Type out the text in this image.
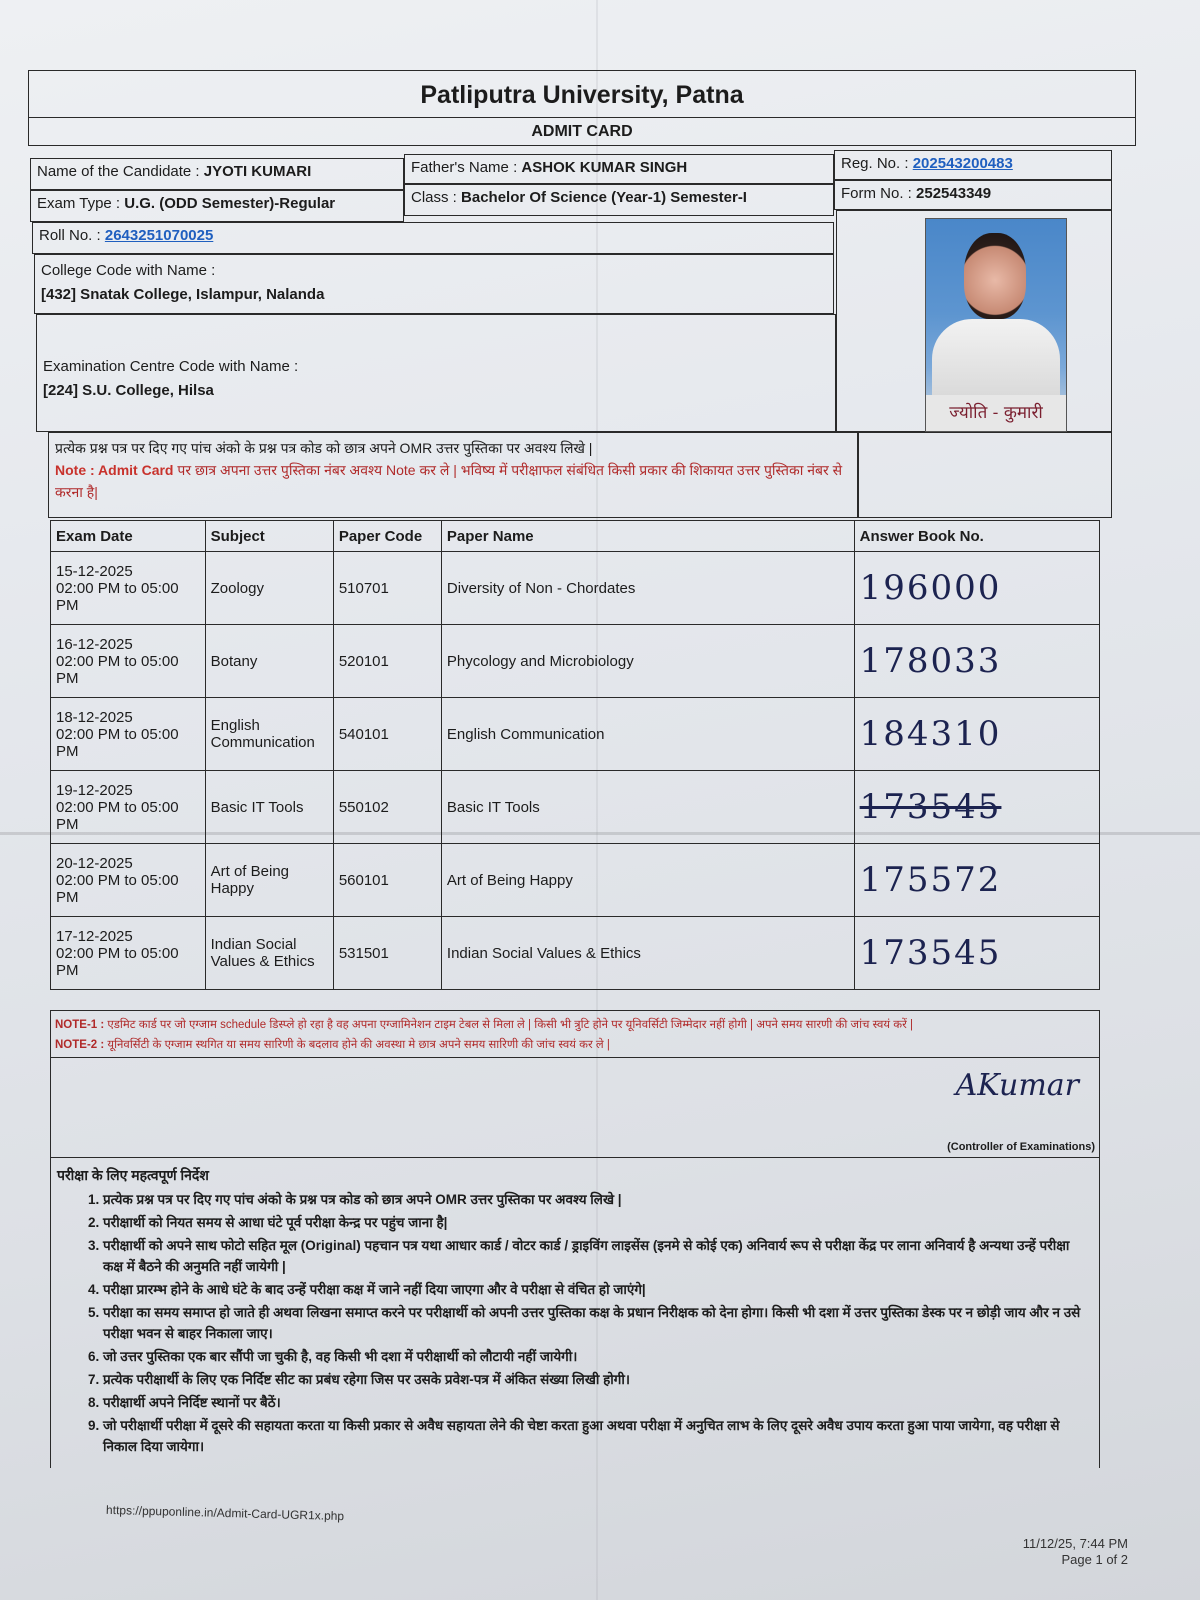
Patliputra University, Patna
ADMIT CARD
Name of the Candidate : JYOTI KUMARI	Father's Name : ASHOK KUMAR SINGH	Reg. No. : 202543200483
Exam Type : U.G. (ODD Semester)-Regular	Class : Bachelor Of Science (Year-1) Semester-I	Form No. : 252543349
Roll No. : 2643251070025
College Code with Name :
[432] Snatak College, Islampur, Nalanda
Examination Centre Code with Name :
[224] S.U. College, Hilsa
ज्योति - कुमारी
प्रत्येक प्रश्न पत्र पर दिए गए पांच अंको के प्रश्न पत्र कोड को छात्र अपने OMR उत्तर पुस्तिका पर अवश्य लिखे |
Note : Admit Card पर छात्र अपना उत्तर पुस्तिका नंबर अवश्य Note कर ले | भविष्य में परीक्षाफल संबंधित किसी प्रकार की शिकायत उत्तर पुस्तिका नंबर से करना है|
Exam Date	Subject	Paper Code	Paper Name	Answer Book No.

15-12-2025
02:00 PM to 05:00 PM	Zoology	510701	Diversity of Non - Chordates	196000

16-12-2025
02:00 PM to 05:00 PM	Botany	520101	Phycology and Microbiology	178033

18-12-2025
02:00 PM to 05:00 PM	English Communication	540101	English Communication	184310

19-12-2025
02:00 PM to 05:00 PM	Basic IT Tools	550102	Basic IT Tools	173545

20-12-2025
02:00 PM to 05:00 PM	Art of Being Happy	560101	Art of Being Happy	175572

17-12-2025
02:00 PM to 05:00 PM	Indian Social Values & Ethics	531501	Indian Social Values & Ethics	173545
NOTE-1 : एडमिट कार्ड पर जो एग्जाम schedule डिस्प्ले हो रहा है वह अपना एग्जामिनेशन टाइम टेबल से मिला ले | किसी भी त्रुटि होने पर यूनिवर्सिटी जिम्मेदार नहीं होगी | अपने समय सारणी की जांच स्वयं करें |
NOTE-2 : यूनिवर्सिटी के एग्जाम स्थगित या समय सारिणी के बदलाव होने की अवस्था मे छात्र अपने समय सारिणी की जांच स्वयं कर ले |
AKumar
(Controller of Examinations)
परीक्षा के लिए महत्वपूर्ण निर्देश
1. प्रत्येक प्रश्न पत्र पर दिए गए पांच अंको के प्रश्न पत्र कोड को छात्र अपने OMR उत्तर पुस्तिका पर अवश्य लिखे |
2. परीक्षार्थी को नियत समय से आधा घंटे पूर्व परीक्षा केन्द्र पर पहुंच जाना है|
3. परीक्षार्थी को अपने साथ फोटो सहित मूल (Original) पहचान पत्र यथा आधार कार्ड / वोटर कार्ड / ड्राइविंग लाइसेंस (इनमे से कोई एक) अनिवार्य रूप से परीक्षा केंद्र पर लाना अनिवार्य है अन्यथा उन्हें परीक्षा कक्ष में बैठने की अनुमति नहीं जायेगी |
4. परीक्षा प्रारम्भ होने के आधे घंटे के बाद उन्हें परीक्षा कक्ष में जाने नहीं दिया जाएगा और वे परीक्षा से वंचित हो जाएंगे|
5. परीक्षा का समय समाप्त हो जाते ही अथवा लिखना समाप्त करने पर परीक्षार्थी को अपनी उत्तर पुस्तिका कक्ष के प्रधान निरीक्षक को देना होगा। किसी भी दशा में उत्तर पुस्तिका डेस्क पर न छोड़ी जाय और न उसे परीक्षा भवन से बाहर निकाला जाए।
6. जो उत्तर पुस्तिका एक बार सौंपी जा चुकी है, वह किसी भी दशा में परीक्षार्थी को लौटायी नहीं जायेगी।
7. प्रत्येक परीक्षार्थी के लिए एक निर्दिष्ट सीट का प्रबंध रहेगा जिस पर उसके प्रवेश-पत्र में अंकित संख्या लिखी होगी।
8. परीक्षार्थी अपने निर्दिष्ट स्थानों पर बैठें।
9. जो परीक्षार्थी परीक्षा में दूसरे की सहायता करता या किसी प्रकार से अवैध सहायता लेने की चेष्टा करता हुआ अथवा परीक्षा में अनुचित लाभ के लिए दूसरे अवैध उपाय करता हुआ पाया जायेगा, वह परीक्षा से निकाल दिया जायेगा।
https://ppuponline.in/Admit-Card-UGR1x.php
11/12/25, 7:44 PM
Page 1 of 2
